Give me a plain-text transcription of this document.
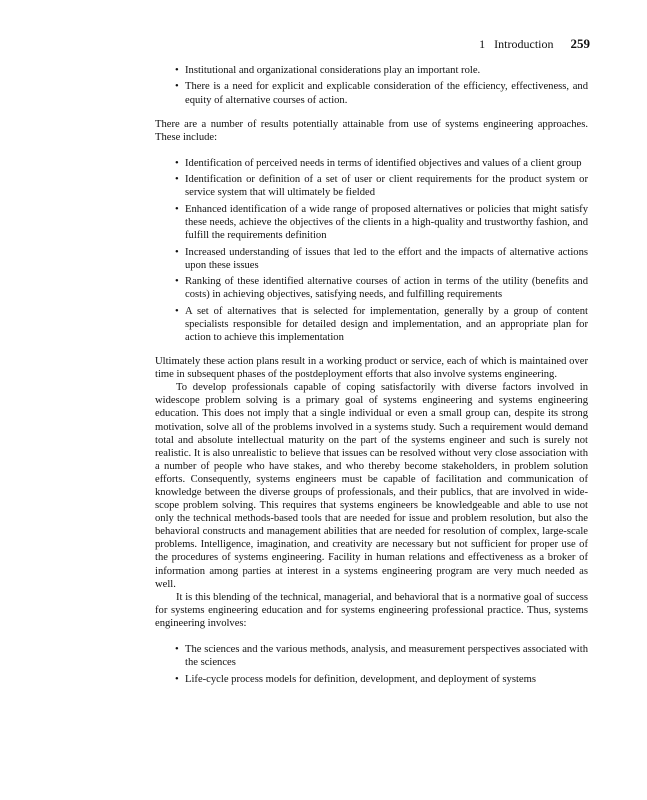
1 Introduction 259
• Institutional and organizational considerations play an important role.
• There is a need for explicit and explicable consideration of the efficiency, effectiveness, and equity of alternative courses of action.

There are a number of results potentially attainable from use of systems engineering approaches. These include:

• Identification of perceived needs in terms of identified objectives and values of a client group
• Identification or definition of a set of user or client requirements for the product system or service system that will ultimately be fielded
• Enhanced identification of a wide range of proposed alternatives or policies that might satisfy these needs, achieve the objectives of the clients in a high-quality and trustworthy fashion, and fulfill the requirements definition
• Increased understanding of issues that led to the effort and the impacts of alternative actions upon these issues
• Ranking of these identified alternative courses of action in terms of the utility (benefits and costs) in achieving objectives, satisfying needs, and fulfilling requirements
• A set of alternatives that is selected for implementation, generally by a group of content specialists responsible for detailed design and implementation, and an appropriate plan for action to achieve this implementation

Ultimately these action plans result in a working product or service, each of which is maintained over time in subsequent phases of the postdeployment efforts that also involve systems engineering.

To develop professionals capable of coping satisfactorily with diverse factors involved in widescope problem solving is a primary goal of systems engineering and systems engineering education. This does not imply that a single individual or even a small group can, despite its strong motivation, solve all of the problems involved in a systems study. Such a requirement would demand total and absolute intellectual maturity on the part of the systems engineer and such is surely not realistic. It is also unrealistic to believe that issues can be resolved without very close association with a number of people who have stakes, and who thereby become stakeholders, in problem solution efforts. Consequently, systems engineers must be capable of facilitation and communication of knowledge between the diverse groups of professionals, and their publics, that are involved in wide-scope problem solving. This requires that systems engineers be knowledgeable and able to use not only the technical methods-based tools that are needed for issue and problem resolution, but also the behavioral constructs and management abilities that are needed for resolution of complex, large-scale problems. Intelligence, imagination, and creativity are necessary but not sufficient for proper use of the procedures of systems engineering. Facility in human relations and effectiveness as a broker of information among parties at interest in a systems engineering program are very much needed as well.

It is this blending of the technical, managerial, and behavioral that is a normative goal of success for systems engineering education and for systems engineering professional practice. Thus, systems engineering involves:

• The sciences and the various methods, analysis, and measurement perspectives associated with the sciences
• Life-cycle process models for definition, development, and deployment of systems
